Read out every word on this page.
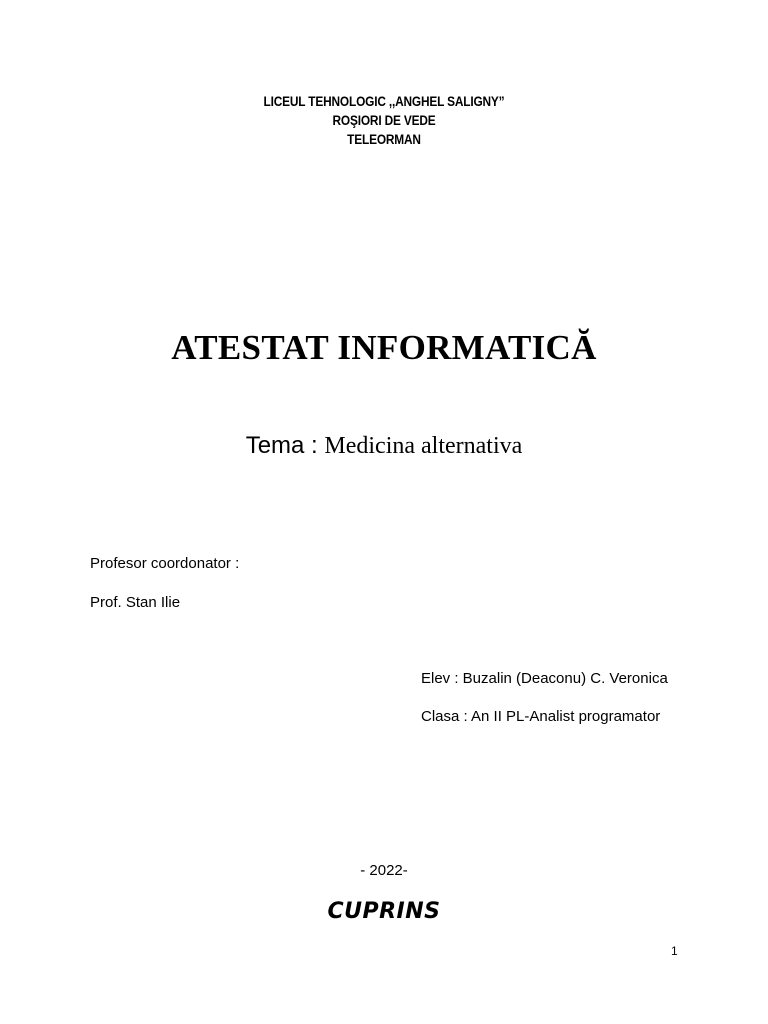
LICEUL TEHNOLOGIC ,,ANGHEL SALIGNY”
ROŞIORI DE VEDE
TELEORMAN
ATESTAT INFORMATICĂ
Tema : Medicina alternativa
Profesor coordonator :
Prof. Stan Ilie
Elev : Buzalin (Deaconu) C. Veronica
Clasa : An II PL-Analist programator
- 2022-
CUPRINS
1
